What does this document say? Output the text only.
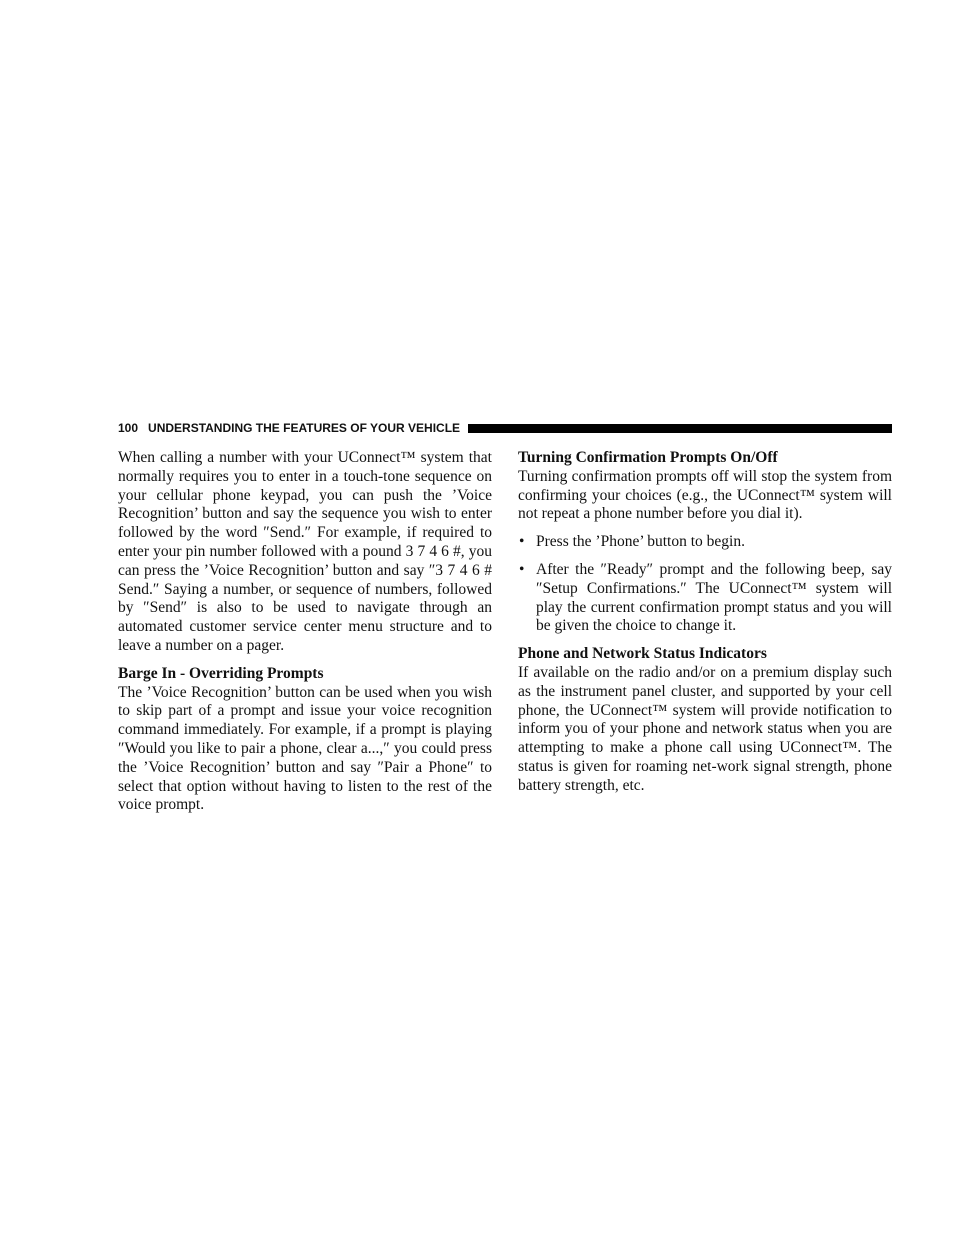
100 UNDERSTANDING THE FEATURES OF YOUR VEHICLE

When calling a number with your UConnect™ system that normally requires you to enter in a touch-tone sequence on your cellular phone keypad, you can push the ’Voice Recognition’ button and say the sequence you wish to enter followed by the word ″Send.″ For example, if required to enter your pin number followed with a pound 3 7 4 6 #, you can press the ’Voice Recognition’ button and say ″3 7 4 6 # Send.″ Saying a number, or sequence of numbers, followed by ″Send″ is also to be used to navigate through an automated customer service center menu structure and to leave a number on a pager.

Barge In - Overriding Prompts

The ’Voice Recognition’ button can be used when you wish to skip part of a prompt and issue your voice recognition command immediately. For example, if a prompt is playing ″Would you like to pair a phone, clear a...,″ you could press the ’Voice Recognition’ button and say ″Pair a Phone″ to select that option without having to listen to the rest of the voice prompt.

Turning Confirmation Prompts On/Off

Turning confirmation prompts off will stop the system from confirming your choices (e.g., the UConnect™ system will not repeat a phone number before you dial it).

• Press the ’Phone’ button to begin.
• After the ″Ready″ prompt and the following beep, say ″Setup Confirmations.″ The UConnect™ system will play the current confirmation prompt status and you will be given the choice to change it.
Phone and Network Status Indicators

If available on the radio and/or on a premium display such as the instrument panel cluster, and supported by your cell phone, the UConnect™ system will provide notification to inform you of your phone and network status when you are attempting to make a phone call using UConnect™. The status is given for roaming net-work signal strength, phone battery strength, etc.
